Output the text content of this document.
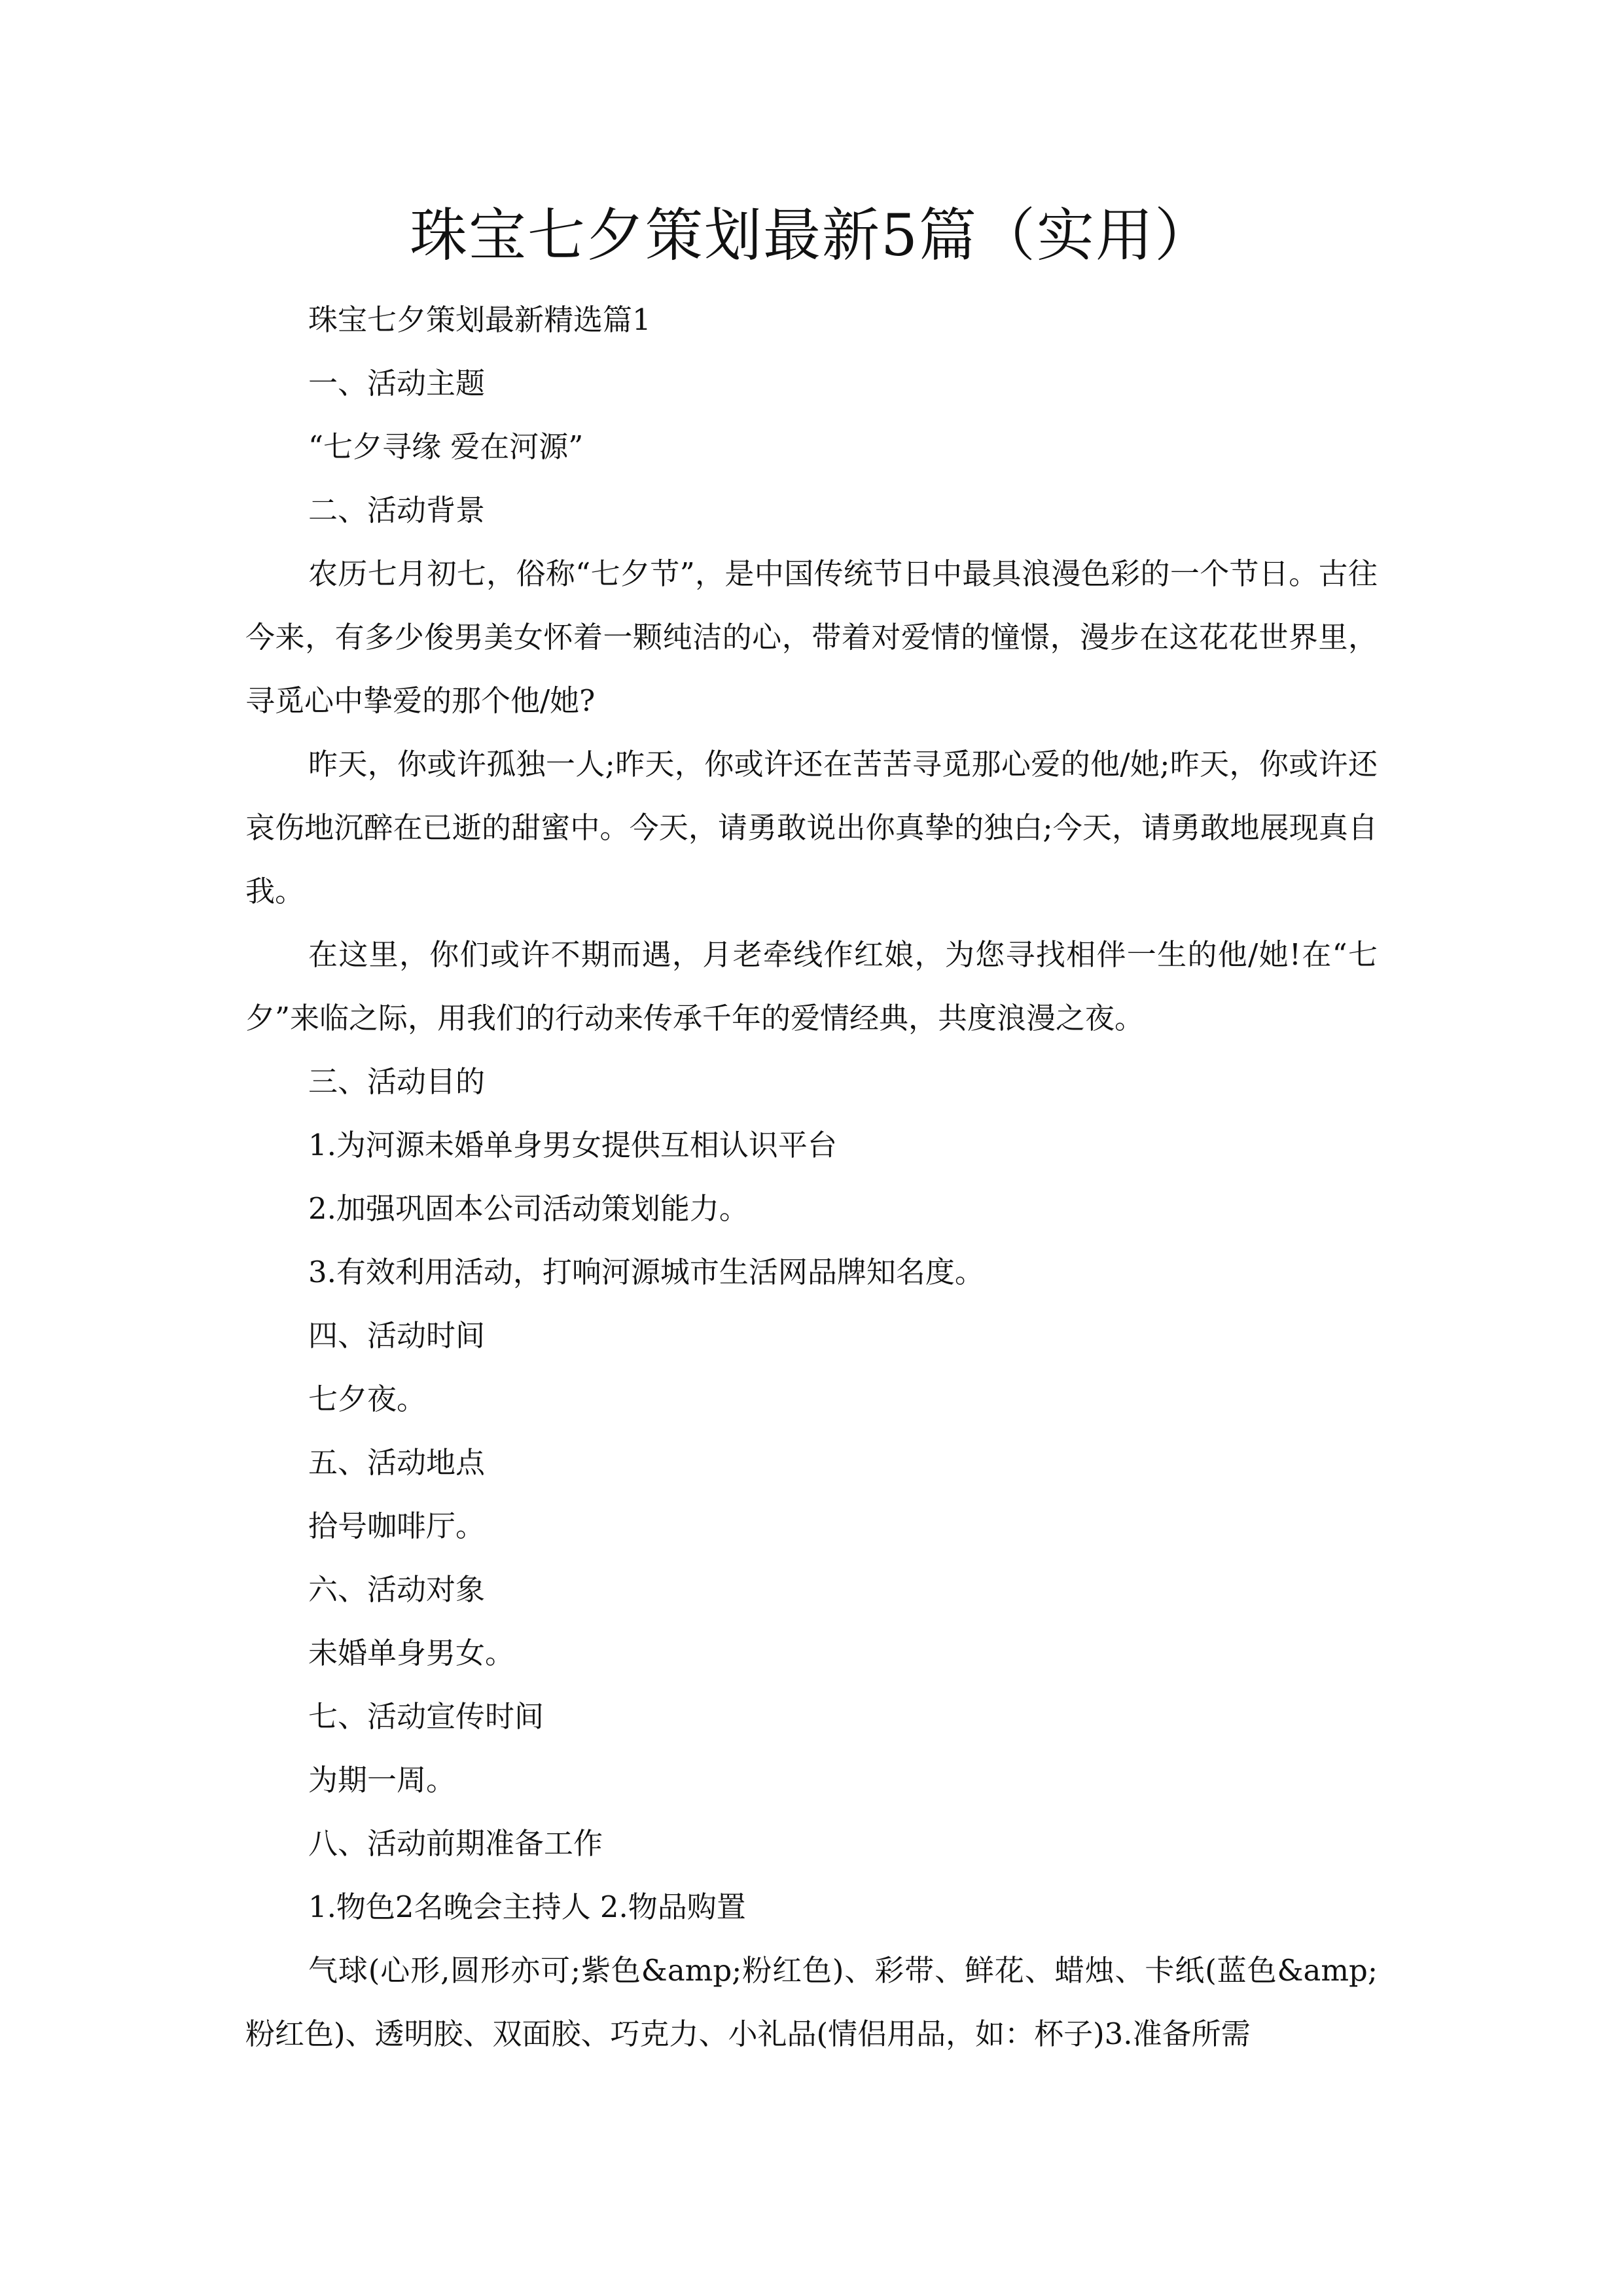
珠宝七夕策划最新5篇（实用）

珠宝七夕策划最新精选篇1

一、活动主题

“七夕寻缘 爱在河源”

二、活动背景

农历七月初七，俗称“七夕节”，是中国传统节日中最具浪漫色彩的一个节日。古往今来，有多少俊男美女怀着一颗纯洁的心，带着对爱情的憧憬，漫步在这花花世界里，寻觅心中挚爱的那个他/她?

昨天，你或许孤独一人;昨天，你或许还在苦苦寻觅那心爱的他/她;昨天，你或许还哀伤地沉醉在已逝的甜蜜中。今天，请勇敢说出你真挚的独白;今天，请勇敢地展现真自我。

在这里，你们或许不期而遇，月老牵线作红娘，为您寻找相伴一生的他/她!在“七夕”来临之际，用我们的行动来传承千年的爱情经典，共度浪漫之夜。

三、活动目的

1.为河源未婚单身男女提供互相认识平台

2.加强巩固本公司活动策划能力。

3.有效利用活动，打响河源城市生活网品牌知名度。

四、活动时间

七夕夜。

五、活动地点

拾号咖啡厅。

六、活动对象

未婚单身男女。

七、活动宣传时间

为期一周。

八、活动前期准备工作

1.物色2名晚会主持人 2.物品购置

气球(心形,圆形亦可;紫色&amp;粉红色)、彩带、鲜花、蜡烛、卡纸(蓝色&amp;粉红色)、透明胶、双面胶、巧克力、小礼品(情侣用品，如：杯子)3.准备所需
